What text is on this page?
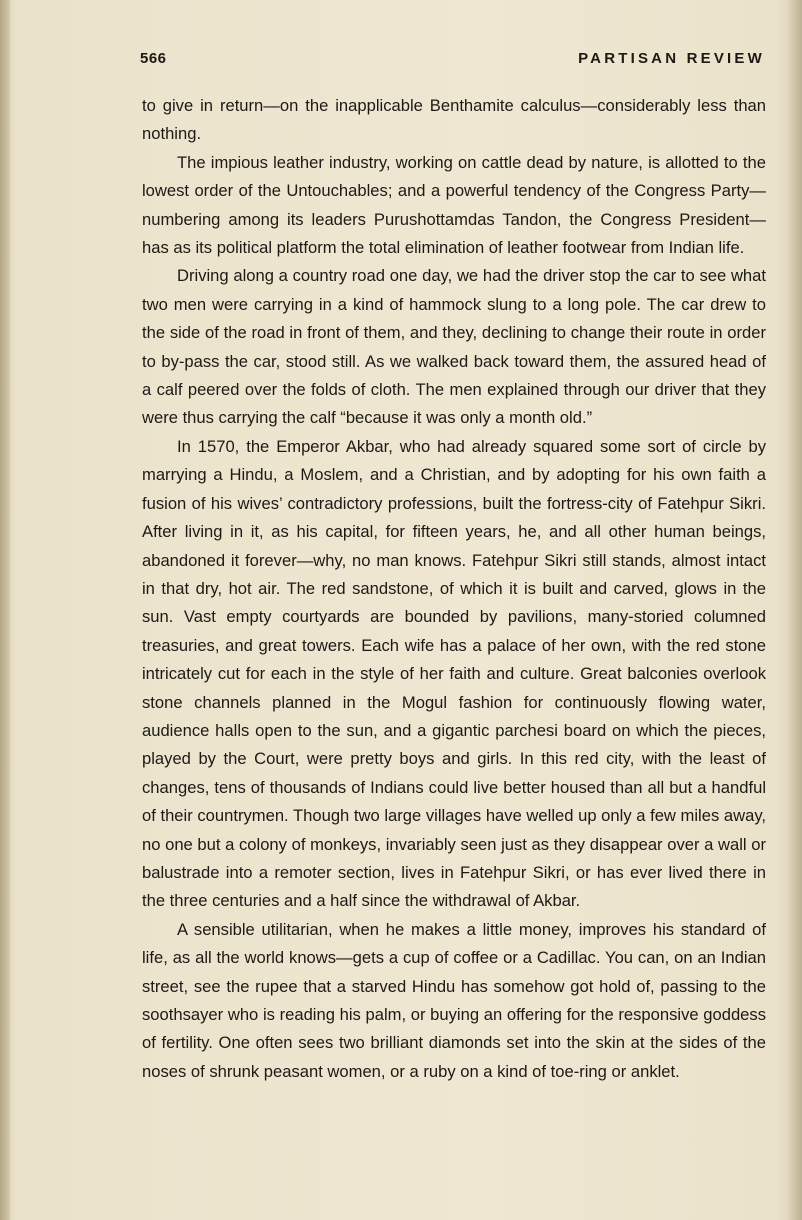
566	PARTISAN REVIEW

to give in return—on the inapplicable Benthamite calculus—considerably less than nothing.

The impious leather industry, working on cattle dead by nature, is allotted to the lowest order of the Untouchables; and a powerful tendency of the Congress Party—numbering among its leaders Purushottamdas Tandon, the Congress President—has as its political platform the total elimination of leather footwear from Indian life.

Driving along a country road one day, we had the driver stop the car to see what two men were carrying in a kind of hammock slung to a long pole. The car drew to the side of the road in front of them, and they, declining to change their route in order to by-pass the car, stood still. As we walked back toward them, the assured head of a calf peered over the folds of cloth. The men explained through our driver that they were thus carrying the calf “because it was only a month old.”

In 1570, the Emperor Akbar, who had already squared some sort of circle by marrying a Hindu, a Moslem, and a Christian, and by adopting for his own faith a fusion of his wives’ contradictory professions, built the fortress-city of Fatehpur Sikri. After living in it, as his capital, for fifteen years, he, and all other human beings, abandoned it forever—why, no man knows. Fatehpur Sikri still stands, almost intact in that dry, hot air. The red sandstone, of which it is built and carved, glows in the sun. Vast empty courtyards are bounded by pavilions, many-storied columned treasuries, and great towers. Each wife has a palace of her own, with the red stone intricately cut for each in the style of her faith and culture. Great balconies overlook stone channels planned in the Mogul fashion for continuously flowing water, audience halls open to the sun, and a gigantic parchesi board on which the pieces, played by the Court, were pretty boys and girls. In this red city, with the least of changes, tens of thousands of Indians could live better housed than all but a handful of their countrymen. Though two large villages have welled up only a few miles away, no one but a colony of monkeys, invariably seen just as they disappear over a wall or balustrade into a remoter section, lives in Fatehpur Sikri, or has ever lived there in the three centuries and a half since the withdrawal of Akbar.

A sensible utilitarian, when he makes a little money, improves his standard of life, as all the world knows—gets a cup of coffee or a Cadillac. You can, on an Indian street, see the rupee that a starved Hindu has somehow got hold of, passing to the soothsayer who is reading his palm, or buying an offering for the responsive goddess of fertility. One often sees two brilliant diamonds set into the skin at the sides of the noses of shrunk peasant women, or a ruby on a kind of toe-ring or anklet.
